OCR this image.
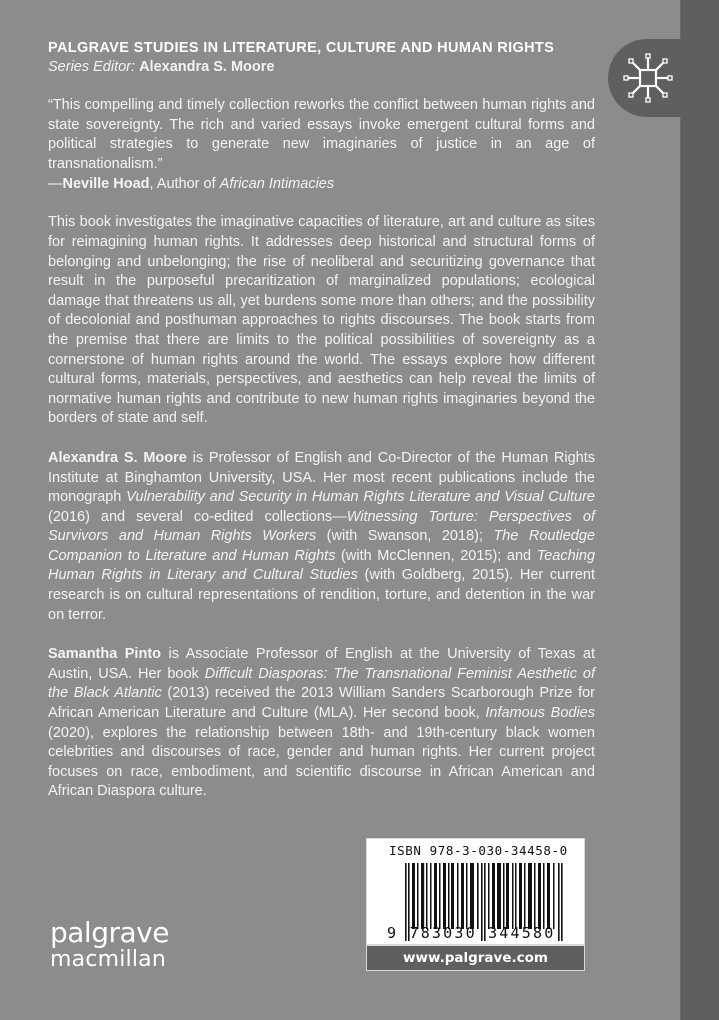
PALGRAVE STUDIES IN LITERATURE, CULTURE AND HUMAN RIGHTS
Series Editor: Alexandra S. Moore

“This compelling and timely collection reworks the conflict between human rights and state sovereignty. The rich and varied essays invoke emergent cultural forms and political strategies to generate new imaginaries of justice in an age of transnationalism.”

—Neville Hoad, Author of African Intimacies

This book investigates the imaginative capacities of literature, art and culture as sites for reimagining human rights. It addresses deep historical and structural forms of belonging and unbelonging; the rise of neoliberal and securitizing governance that result in the purposeful precaritization of marginalized populations; ecological damage that threatens us all, yet burdens some more than others; and the possibility of decolonial and posthuman approaches to rights discourses. The book starts from the premise that there are limits to the political possibilities of sovereignty as a cornerstone of human rights around the world. The essays explore how different cultural forms, materials, perspectives, and aesthetics can help reveal the limits of normative human rights and contribute to new human rights imaginaries beyond the borders of state and self.

Alexandra S. Moore is Professor of English and Co-Director of the Human Rights Institute at Binghamton University, USA. Her most recent publications include the monograph Vulnerability and Security in Human Rights Literature and Visual Culture (2016) and several co-edited collections—Witnessing Torture: Perspectives of Survivors and Human Rights Workers (with Swanson, 2018); The Routledge Companion to Literature and Human Rights (with McClennen, 2015); and Teaching Human Rights in Literary and Cultural Studies (with Goldberg, 2015). Her current research is on cultural representations of rendition, torture, and detention in the war on terror.

Samantha Pinto is Associate Professor of English at the University of Texas at Austin, USA. Her book Difficult Diasporas: The Transnational Feminist Aesthetic of the Black Atlantic (2013) received the 2013 William Sanders Scarborough Prize for African American Literature and Culture (MLA). Her second book, Infamous Bodies (2020), explores the relationship between 18th- and 19th-century black women celebrities and discourses of race, gender and human rights. Her current project focuses on race, embodiment, and scientific discourse in African American and African Diaspora culture.

palgrave
macmillan
ISBN 978-3-030-34458-0
9 783030 344580
www.palgrave.com
